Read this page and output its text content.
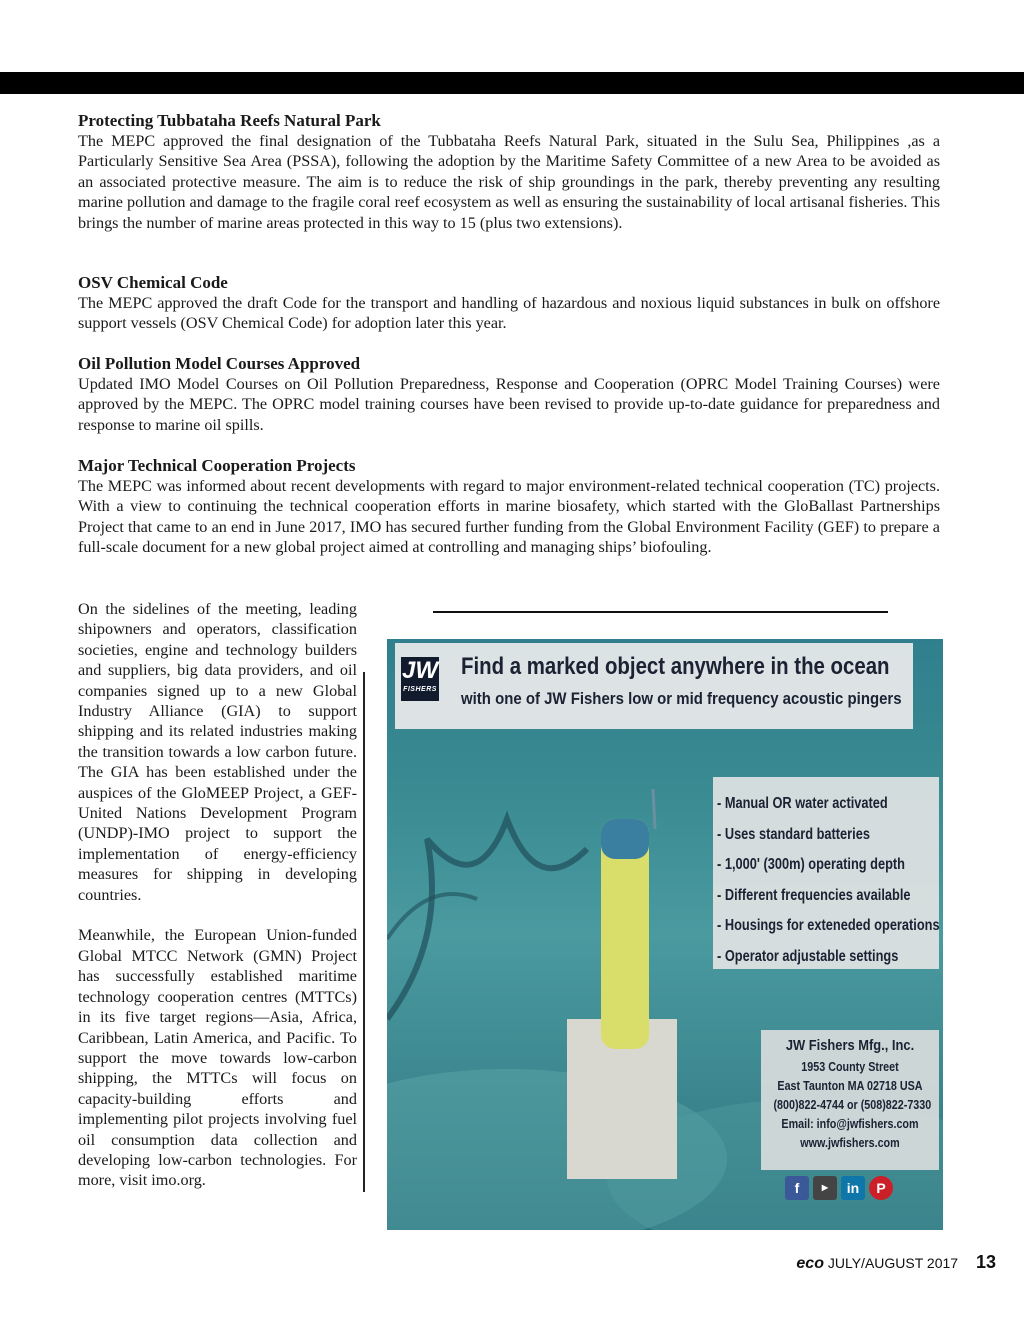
Protecting Tubbataha Reefs Natural Park

The MEPC approved the final designation of the Tubbataha Reefs Natural Park, situated in the Sulu Sea, Philippines ,as a Particularly Sensitive Sea Area (PSSA), following the adoption by the Maritime Safety Committee of a new Area to be avoided as an associated protective measure. The aim is to reduce the risk of ship groundings in the park, thereby preventing any resulting marine pollution and damage to the fragile coral reef ecosystem as well as ensuring the sustainability of local artisanal fisheries. This brings the number of marine areas protected in this way to 15 (plus two extensions).

OSV Chemical Code

The MEPC approved the draft Code for the transport and handling of hazardous and noxious liquid substances in bulk on offshore support vessels (OSV Chemical Code) for adoption later this year.

Oil Pollution Model Courses Approved

Updated IMO Model Courses on Oil Pollution Preparedness, Response and Cooperation (OPRC Model Training Courses) were approved by the MEPC. The OPRC model training courses have been revised to provide up-to-date guidance for preparedness and response to marine oil spills.

Major Technical Cooperation Projects

The MEPC was informed about recent developments with regard to major environment-related technical cooperation (TC) projects. With a view to continuing the technical cooperation efforts in marine biosafety, which started with the GloBallast Partnerships Project that came to an end in June 2017, IMO has secured further funding from the Global Environment Facility (GEF) to prepare a full-scale document for a new global project aimed at controlling and managing ships’ biofouling.

On the sidelines of the meeting, leading shipowners and operators, classification societies, engine and technology builders and suppliers, big data providers, and oil companies signed up to a new Global Industry Alliance (GIA) to support shipping and its related industries making the transition towards a low carbon future. The GIA has been established under the auspices of the GloMEEP Project, a GEF-United Nations Development Program (UNDP)-IMO project to support the implementation of energy-efficiency measures for shipping in developing countries.

Meanwhile, the European Union-funded Global MTCC Network (GMN) Project has successfully established maritime technology cooperation centres (MTTCs) in its five target regions—Asia, Africa, Caribbean, Latin America, and Pacific. To support the move towards low-carbon shipping, the MTTCs will focus on capacity-building efforts and implementing pilot projects involving fuel oil consumption data collection and developing low-carbon technologies. For more, visit imo.org.

JW
FISHERS
Find a marked object anywhere in the ocean
with one of JW Fishers low or mid frequency acoustic pingers
- Manual OR water activated
- Uses standard batteries
- 1,000' (300m) operating depth
- Different frequencies available
- Housings for exteneded operations
- Operator adjustable settings
JW Fishers Mfg., Inc.
1953 County Street
East Taunton MA 02718 USA
(800)822-4744 or (508)822-7330
Email: info@jwfishers.com
www.jwfishers.com
f	▶	in	P
eco JULY/AUGUST 2017 13
